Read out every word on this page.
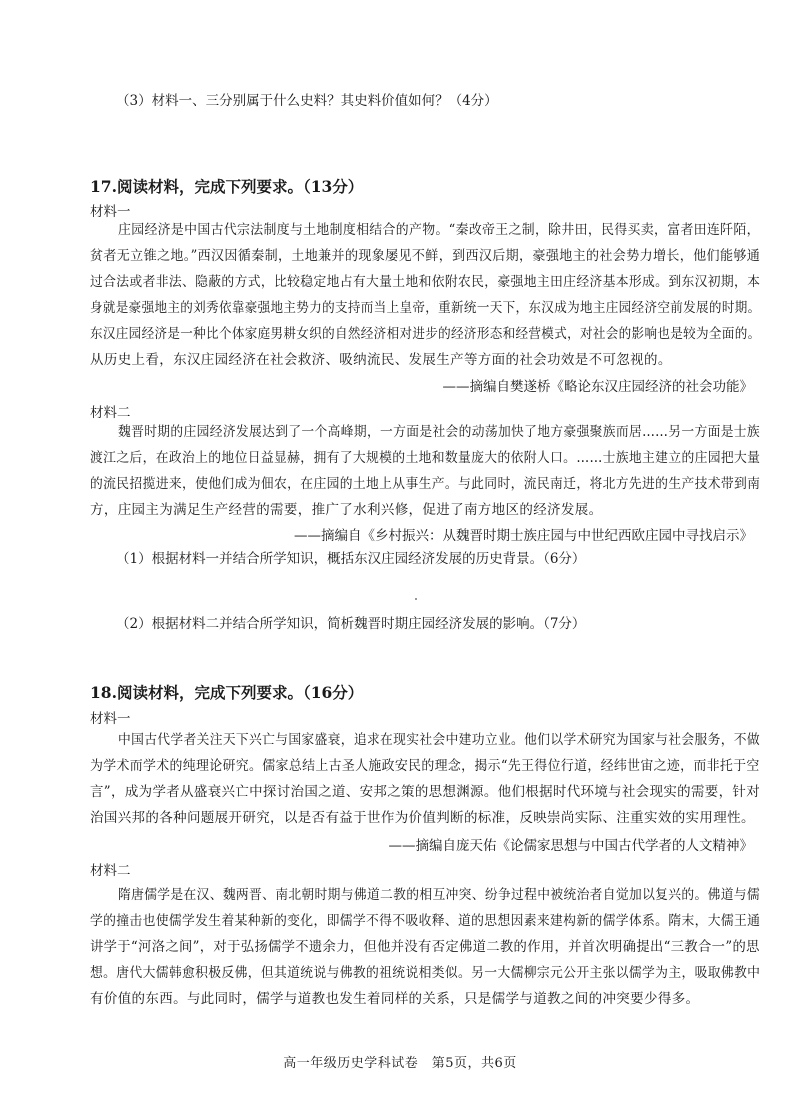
（3）材料一、三分别属于什么史料？其史料价值如何？（4分）
17.阅读材料，完成下列要求。（13分）
材料一
庄园经济是中国古代宗法制度与土地制度相结合的产物。“秦改帝王之制，除井田，民得买卖，富者田连阡陌，
贫者无立锥之地。”西汉因循秦制，土地兼并的现象屡见不鲜，到西汉后期，豪强地主的社会势力增长，他们能够通
过合法或者非法、隐蔽的方式，比较稳定地占有大量土地和依附农民，豪强地主田庄经济基本形成。到东汉初期，本
身就是豪强地主的刘秀依靠豪强地主势力的支持而当上皇帝，重新统一天下，东汉成为地主庄园经济空前发展的时期。
东汉庄园经济是一种比个体家庭男耕女织的自然经济相对进步的经济形态和经营模式，对社会的影响也是较为全面的。
从历史上看，东汉庄园经济在社会救济、吸纳流民、发展生产等方面的社会功效是不可忽视的。
——摘编自樊遂桥《略论东汉庄园经济的社会功能》
材料二
魏晋时期的庄园经济发展达到了一个高峰期，一方面是社会的动荡加快了地方豪强聚族而居……另一方面是士族
渡江之后，在政治上的地位日益显赫，拥有了大规模的土地和数量庞大的依附人口。……士族地主建立的庄园把大量
的流民招揽进来，使他们成为佃农，在庄园的土地上从事生产。与此同时，流民南迁，将北方先进的生产技术带到南
方，庄园主为满足生产经营的需要，推广了水利兴修，促进了南方地区的经济发展。
——摘编自《乡村振兴：从魏晋时期士族庄园与中世纪西欧庄园中寻找启示》
（1）根据材料一并结合所学知识，概括东汉庄园经济发展的历史背景。（6分）
（2）根据材料二并结合所学知识，简析魏晋时期庄园经济发展的影响。（7分）
18.阅读材料，完成下列要求。（16分）
材料一
中国古代学者关注天下兴亡与国家盛衰，追求在现实社会中建功立业。他们以学术研究为国家与社会服务，不做
为学术而学术的纯理论研究。儒家总结上古圣人施政安民的理念，揭示“先王得位行道，经纬世宙之迹，而非托于空
言”，成为学者从盛衰兴亡中探讨治国之道、安邦之策的思想渊源。他们根据时代环境与社会现实的需要，针对
治国兴邦的各种问题展开研究，以是否有益于世作为价值判断的标准，反映崇尚实际、注重实效的实用理性。
——摘编自庞天佑《论儒家思想与中国古代学者的人文精神》
材料二
隋唐儒学是在汉、魏两晋、南北朝时期与佛道二教的相互冲突、纷争过程中被统治者自觉加以复兴的。佛道与儒
学的撞击也使儒学发生着某种新的变化，即儒学不得不吸收释、道的思想因素来建构新的儒学体系。隋末，大儒王通
讲学于“河洛之间”，对于弘扬儒学不遗余力，但他并没有否定佛道二教的作用，并首次明确提出“三教合一”的思
想。唐代大儒韩愈积极反佛，但其道统说与佛教的祖统说相类似。另一大儒柳宗元公开主张以儒学为主，吸取佛教中
有价值的东西。与此同时，儒学与道教也发生着同样的关系，只是儒学与道教之间的冲突要少得多。
高一年级历史学科试卷　第5页，共6页
